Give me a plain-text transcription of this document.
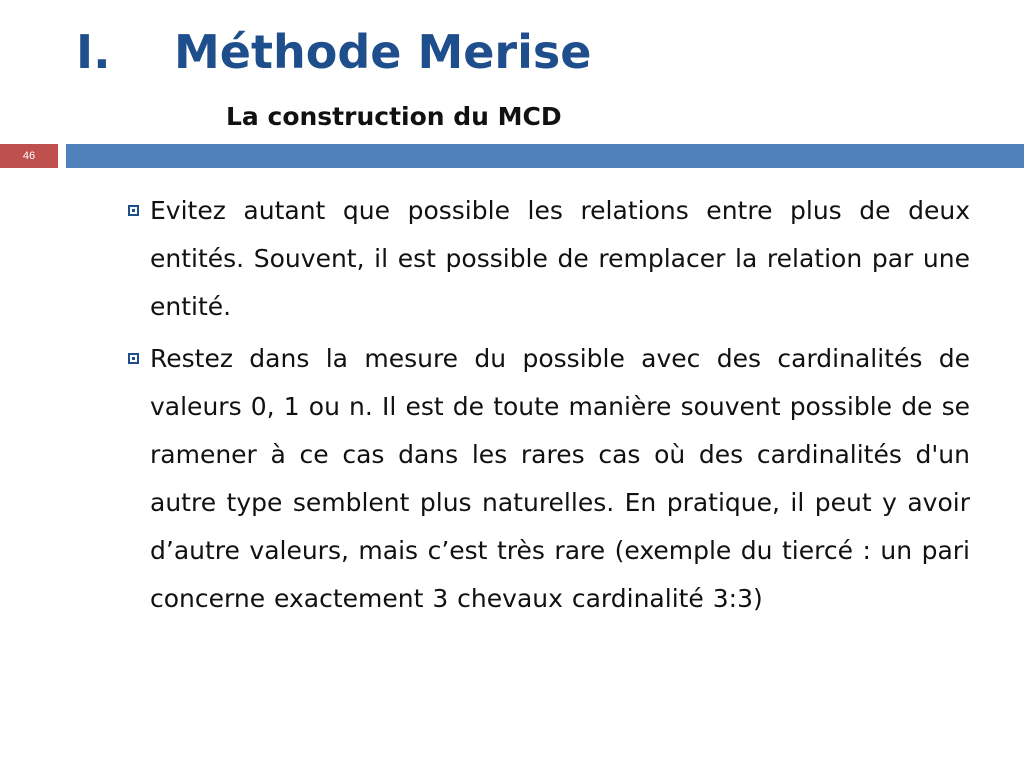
I. Méthode Merise
La construction du MCD
46
Evitez autant que possible les relations entre plus de deux entités. Souvent, il est possible de remplacer la relation par une entité.
Restez dans la mesure du possible avec des cardinalités de valeurs 0, 1 ou n. Il est de toute manière souvent possible de se ramener à ce cas dans les rares cas où des cardinalités d'un autre type semblent plus naturelles. En pratique, il peut y avoir d’autre valeurs, mais c’est très rare (exemple du tiercé : un pari concerne exactement 3 chevaux cardinalité 3:3)
